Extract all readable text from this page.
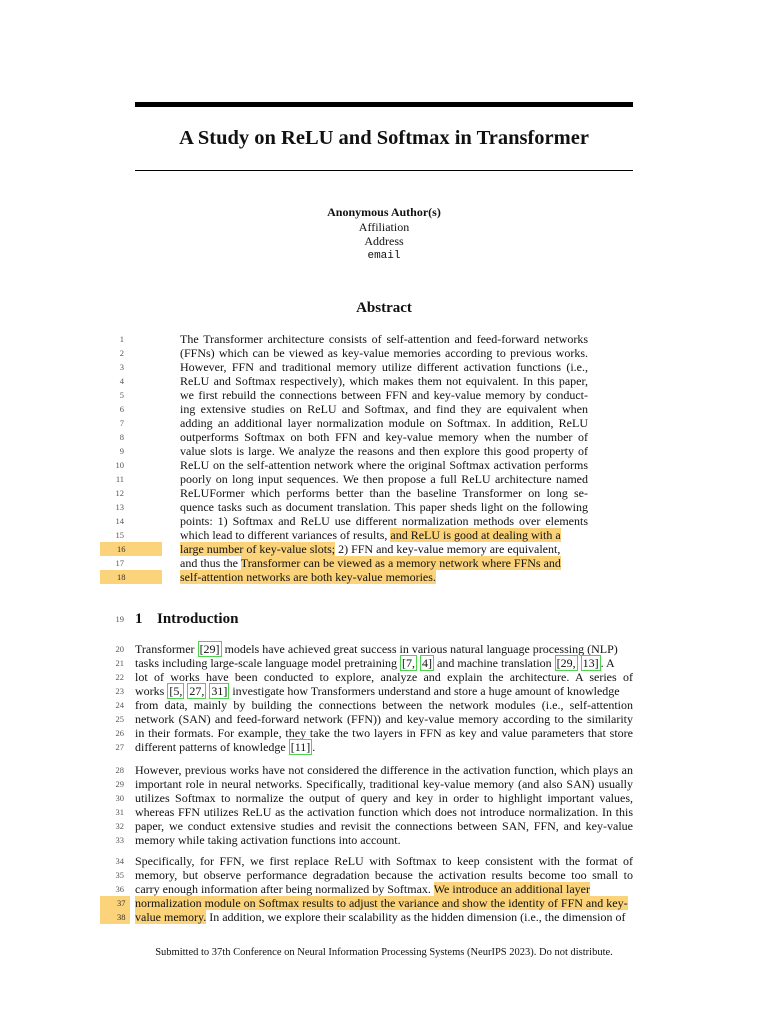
A Study on ReLU and Softmax in Transformer
Anonymous Author(s)
Affiliation
Address
email
Abstract
1	The Transformer architecture consists of self-attention and feed-forward networks
2	(FFNs) which can be viewed as key-value memories according to previous works.
3	However, FFN and traditional memory utilize different activation functions (i.e.,
4	ReLU and Softmax respectively), which makes them not equivalent. In this paper,
5	we first rebuild the connections between FFN and key-value memory by conduct-
6	ing extensive studies on ReLU and Softmax, and find they are equivalent when
7	adding an additional layer normalization module on Softmax. In addition, ReLU
8	outperforms Softmax on both FFN and key-value memory when the number of
9	value slots is large. We analyze the reasons and then explore this good property of
10	ReLU on the self-attention network where the original Softmax activation performs
11	poorly on long input sequences. We then propose a full ReLU architecture named
12	ReLUFormer which performs better than the baseline Transformer on long se-
13	quence tasks such as document translation. This paper sheds light on the following
14	points: 1) Softmax and ReLU use different normalization methods over elements
15	which lead to different variances of results, and ReLU is good at dealing with a
16	large number of key-value slots; 2) FFN and key-value memory are equivalent,
17	and thus the Transformer can be viewed as a memory network where FFNs and
18	self-attention networks are both key-value memories.
19 1 Introduction
20 Transformer [29] models have achieved great success in various natural language processing (NLP)
21 tasks including large-scale language model pretraining [7, 4] and machine translation [29, 13] . A
22 lot of works have been conducted to explore, analyze and explain the architecture. A series of
23 works [5, 27, 31] investigate how Transformers understand and store a huge amount of knowledge
24 from data, mainly by building the connections between the network modules (i.e., self-attention
25 network (SAN) and feed-forward network (FFN)) and key-value memory according to the similarity
26 in their formats. For example, they take the two layers in FFN as key and value parameters that store
27 different patterns of knowledge [11] .
28 However, previous works have not considered the difference in the activation function, which plays an
29 important role in neural networks. Specifically, traditional key-value memory (and also SAN) usually
30 utilizes Softmax to normalize the output of query and key in order to highlight important values,
31 whereas FFN utilizes ReLU as the activation function which does not introduce normalization. In this
32 paper, we conduct extensive studies and revisit the connections between SAN, FFN, and key-value
33 memory while taking activation functions into account.
34 Specifically, for FFN, we first replace ReLU with Softmax to keep consistent with the format of
35 memory, but observe performance degradation because the activation results become too small to
36 carry enough information after being normalized by Softmax. We introduce an additional layer
37 normalization module on Softmax results to adjust the variance and show the identity of FFN and key-
38 value memory. In addition, we explore their scalability as the hidden dimension (i.e., the dimension of
Submitted to 37th Conference on Neural Information Processing Systems (NeurIPS 2023). Do not distribute.
